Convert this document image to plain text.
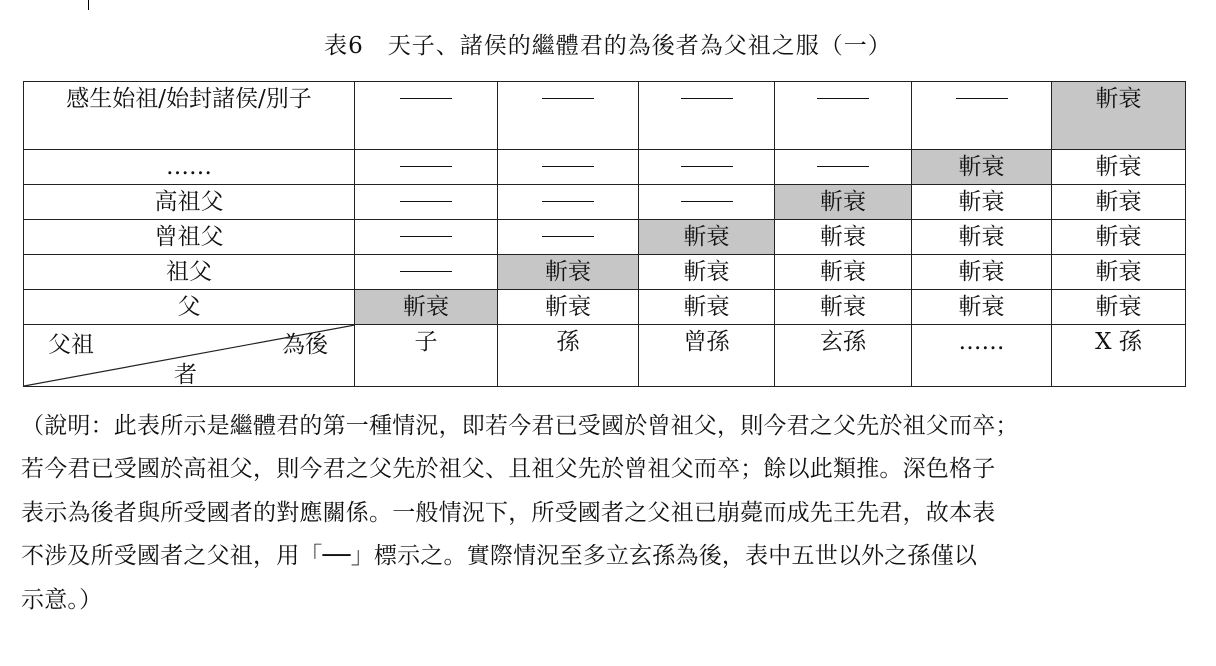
表6　天子、諸侯的繼體君的為後者為父祖之服（一）
感生始祖/始封諸侯/別子						斬衰
……					斬衰	斬衰
高祖父				斬衰	斬衰	斬衰
曾祖父			斬衰	斬衰	斬衰	斬衰
祖父		斬衰	斬衰	斬衰	斬衰	斬衰
父	斬衰	斬衰	斬衰	斬衰	斬衰	斬衰

父祖 為後
者	子	孫	曾孫	玄孫	……	X 孫

（說明：此表所示是繼體君的第一種情況，即若今君已受國於曾祖父，則今君之父先於祖父而卒；

若今君已受國於高祖父，則今君之父先於祖父、且祖父先於曾祖父而卒；餘以此類推。深色格子

表示為後者與所受國者的對應關係。一般情況下，所受國者之父祖已崩薨而成先王先君，故本表

不涉及所受國者之父祖，用「──」標示之。實際情況至多立玄孫為後，表中五世以外之孫僅以

示意。）
